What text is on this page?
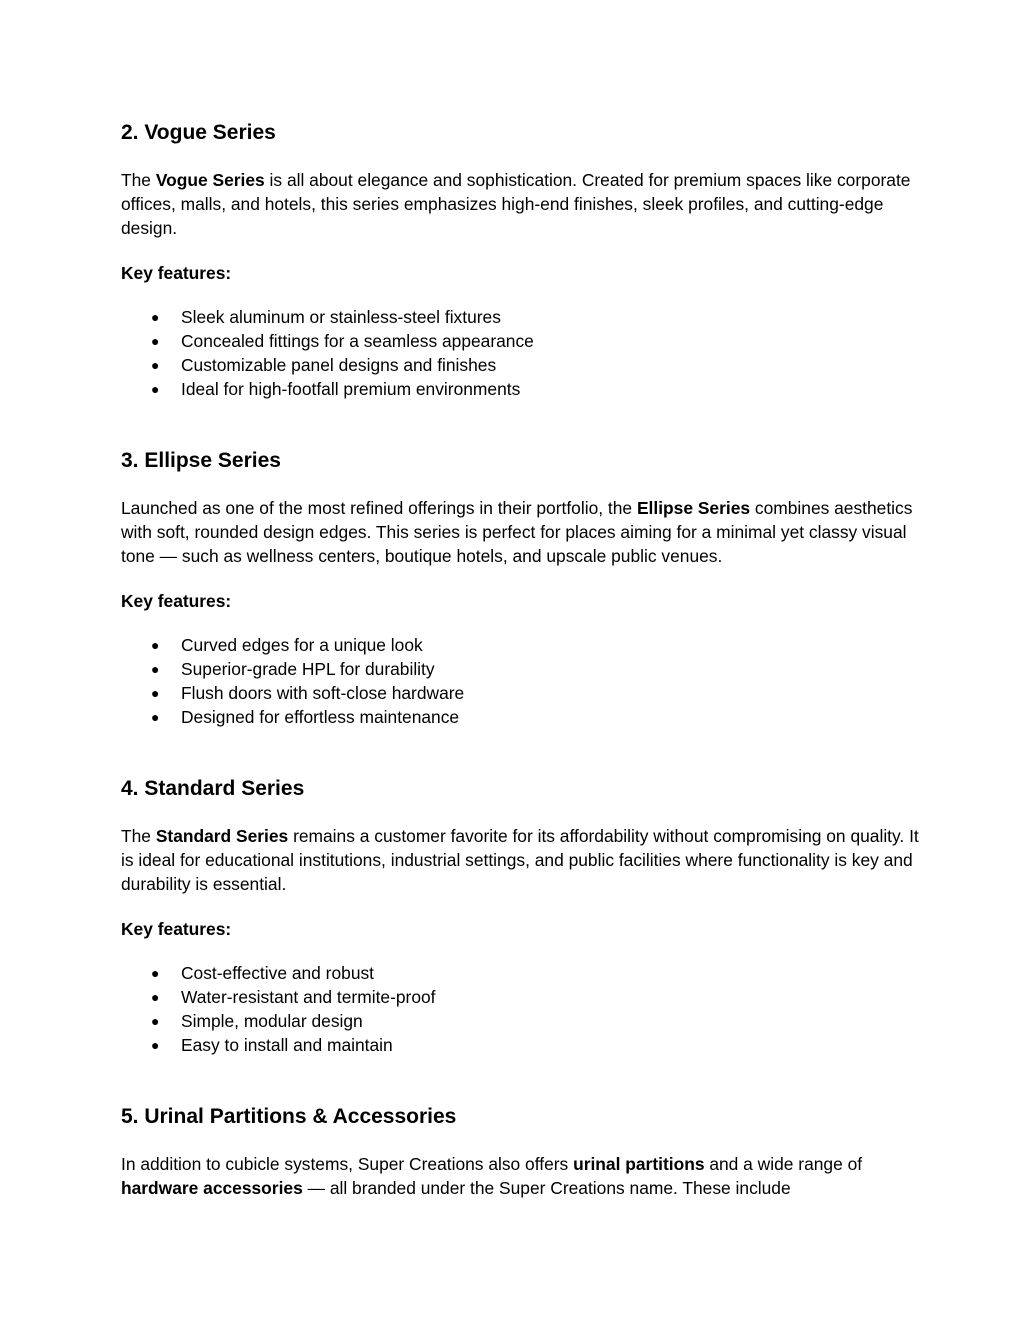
2. Vogue Series

The Vogue Series is all about elegance and sophistication. Created for premium spaces like corporate offices, malls, and hotels, this series emphasizes high-end finishes, sleek profiles, and cutting-edge design.

Key features:

● Sleek aluminum or stainless-steel fixtures
● Concealed fittings for a seamless appearance
● Customizable panel designs and finishes
● Ideal for high-footfall premium environments
3. Ellipse Series

Launched as one of the most refined offerings in their portfolio, the Ellipse Series combines aesthetics with soft, rounded design edges. This series is perfect for places aiming for a minimal yet classy visual tone — such as wellness centers, boutique hotels, and upscale public venues.

Key features:

● Curved edges for a unique look
● Superior-grade HPL for durability
● Flush doors with soft-close hardware
● Designed for effortless maintenance
4. Standard Series

The Standard Series remains a customer favorite for its affordability without compromising on quality. It is ideal for educational institutions, industrial settings, and public facilities where functionality is key and durability is essential.

Key features:

● Cost-effective and robust
● Water-resistant and termite-proof
● Simple, modular design
● Easy to install and maintain
5. Urinal Partitions & Accessories

In addition to cubicle systems, Super Creations also offers urinal partitions and a wide range of hardware accessories — all branded under the Super Creations name. These include
